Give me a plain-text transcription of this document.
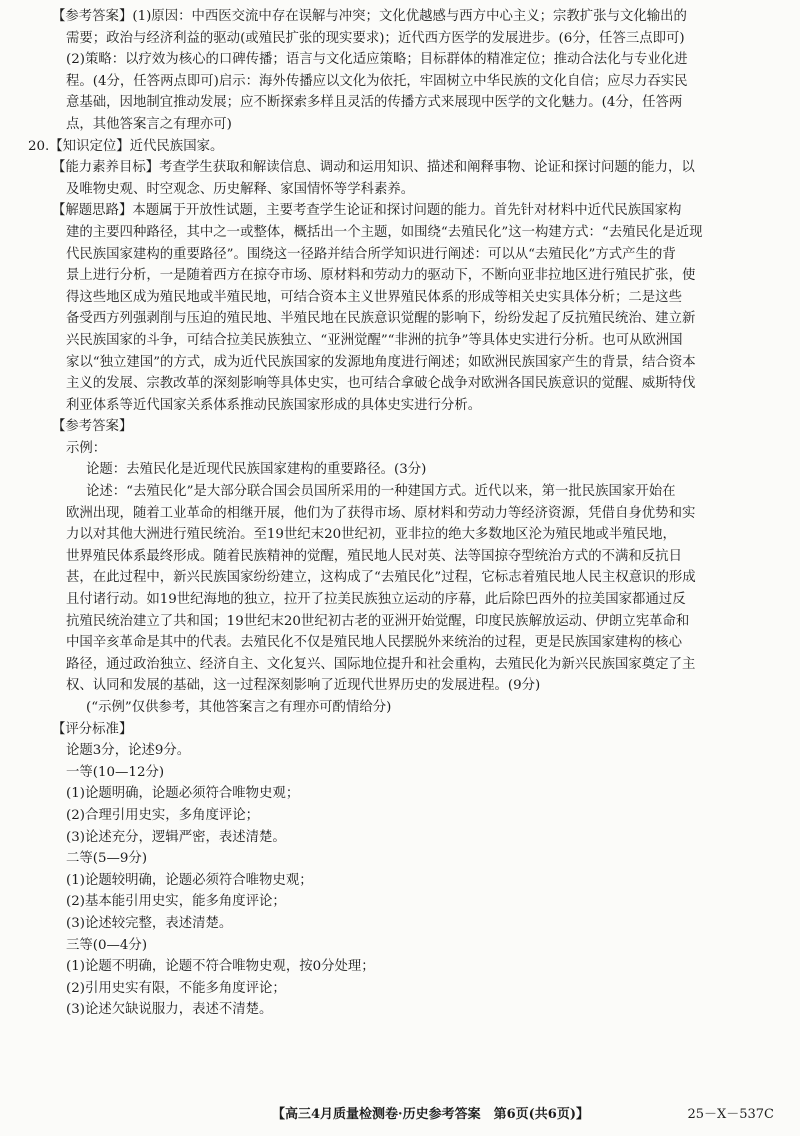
【参考答案】(1)原因：中西医交流中存在误解与冲突；文化优越感与西方中心主义；宗教扩张与文化输出的
需要；政治与经济利益的驱动(或殖民扩张的现实要求)；近代西方医学的发展进步。(6分，任答三点即可)
(2)策略：以疗效为核心的口碑传播；语言与文化适应策略；目标群体的精准定位；推动合法化与专业化进
程。(4分，任答两点即可)启示：海外传播应以文化为依托，牢固树立中华民族的文化自信；应尽力吞实民
意基础，因地制宜推动发展；应不断探索多样且灵活的传播方式来展现中医学的文化魅力。(4分，任答两
点，其他答案言之有理亦可)
20.【知识定位】近代民族国家。
【能力素养目标】考查学生获取和解读信息、调动和运用知识、描述和阐释事物、论证和探讨问题的能力，以
及唯物史观、时空观念、历史解释、家国情怀等学科素养。
【解题思路】本题属于开放性试题，主要考查学生论证和探讨问题的能力。首先针对材料中近代民族国家构
建的主要四种路径，其中之一或整体，概括出一个主题，如围绕“去殖民化”这一构建方式：“去殖民化是近现
代民族国家建构的重要路径”。围绕这一径路并结合所学知识进行阐述：可以从“去殖民化”方式产生的背
景上进行分析，一是随着西方在掠夺市场、原材料和劳动力的驱动下，不断向亚非拉地区进行殖民扩张，使
得这些地区成为殖民地或半殖民地，可结合资本主义世界殖民体系的形成等相关史实具体分析；二是这些
备受西方列强剥削与压迫的殖民地、半殖民地在民族意识觉醒的影响下，纷纷发起了反抗殖民统治、建立新
兴民族国家的斗争，可结合拉美民族独立、“亚洲觉醒”“非洲的抗争”等具体史实进行分析。也可从欧洲国
家以“独立建国”的方式，成为近代民族国家的发源地角度进行阐述；如欧洲民族国家产生的背景，结合资本
主义的发展、宗教改革的深刻影响等具体史实，也可结合拿破仑战争对欧洲各国民族意识的觉醒、威斯特伐
利亚体系等近代国家关系体系推动民族国家形成的具体史实进行分析。
【参考答案】
示例：
论题：去殖民化是近现代民族国家建构的重要路径。(3分)
论述：“去殖民化”是大部分联合国会员国所采用的一种建国方式。近代以来，第一批民族国家开始在
欧洲出现，随着工业革命的相继开展，他们为了获得市场、原材料和劳动力等经济资源，凭借自身优势和实
力以对其他大洲进行殖民统治。至19世纪末20世纪初，亚非拉的绝大多数地区沦为殖民地或半殖民地，
世界殖民体系最终形成。随着民族精神的觉醒，殖民地人民对英、法等国掠夺型统治方式的不满和反抗日
甚，在此过程中，新兴民族国家纷纷建立，这构成了“去殖民化”过程，它标志着殖民地人民主权意识的形成
且付诸行动。如19世纪海地的独立，拉开了拉美民族独立运动的序幕，此后除巴西外的拉美国家都通过反
抗殖民统治建立了共和国；19世纪末20世纪初古老的亚洲开始觉醒，印度民族解放运动、伊朗立宪革命和
中国辛亥革命是其中的代表。去殖民化不仅是殖民地人民摆脱外来统治的过程，更是民族国家建构的核心
路径，通过政治独立、经济自主、文化复兴、国际地位提升和社会重构，去殖民化为新兴民族国家奠定了主
权、认同和发展的基础，这一过程深刻影响了近现代世界历史的发展进程。(9分)
(“示例”仅供参考，其他答案言之有理亦可酌情给分)
【评分标准】
论题3分，论述9分。
一等(10—12分)
(1)论题明确，论题必须符合唯物史观；
(2)合理引用史实，多角度评论；
(3)论述充分，逻辑严密，表述清楚。
二等(5—9分)
(1)论题较明确，论题必须符合唯物史观；
(2)基本能引用史实，能多角度评论；
(3)论述较完整，表述清楚。
三等(0—4分)
(1)论题不明确，论题不符合唯物史观，按0分处理；
(2)引用史实有限，不能多角度评论；
(3)论述欠缺说服力，表述不清楚。
【高三4月质量检测卷·历史参考答案　第6页(共6页)】	25－X－537C
